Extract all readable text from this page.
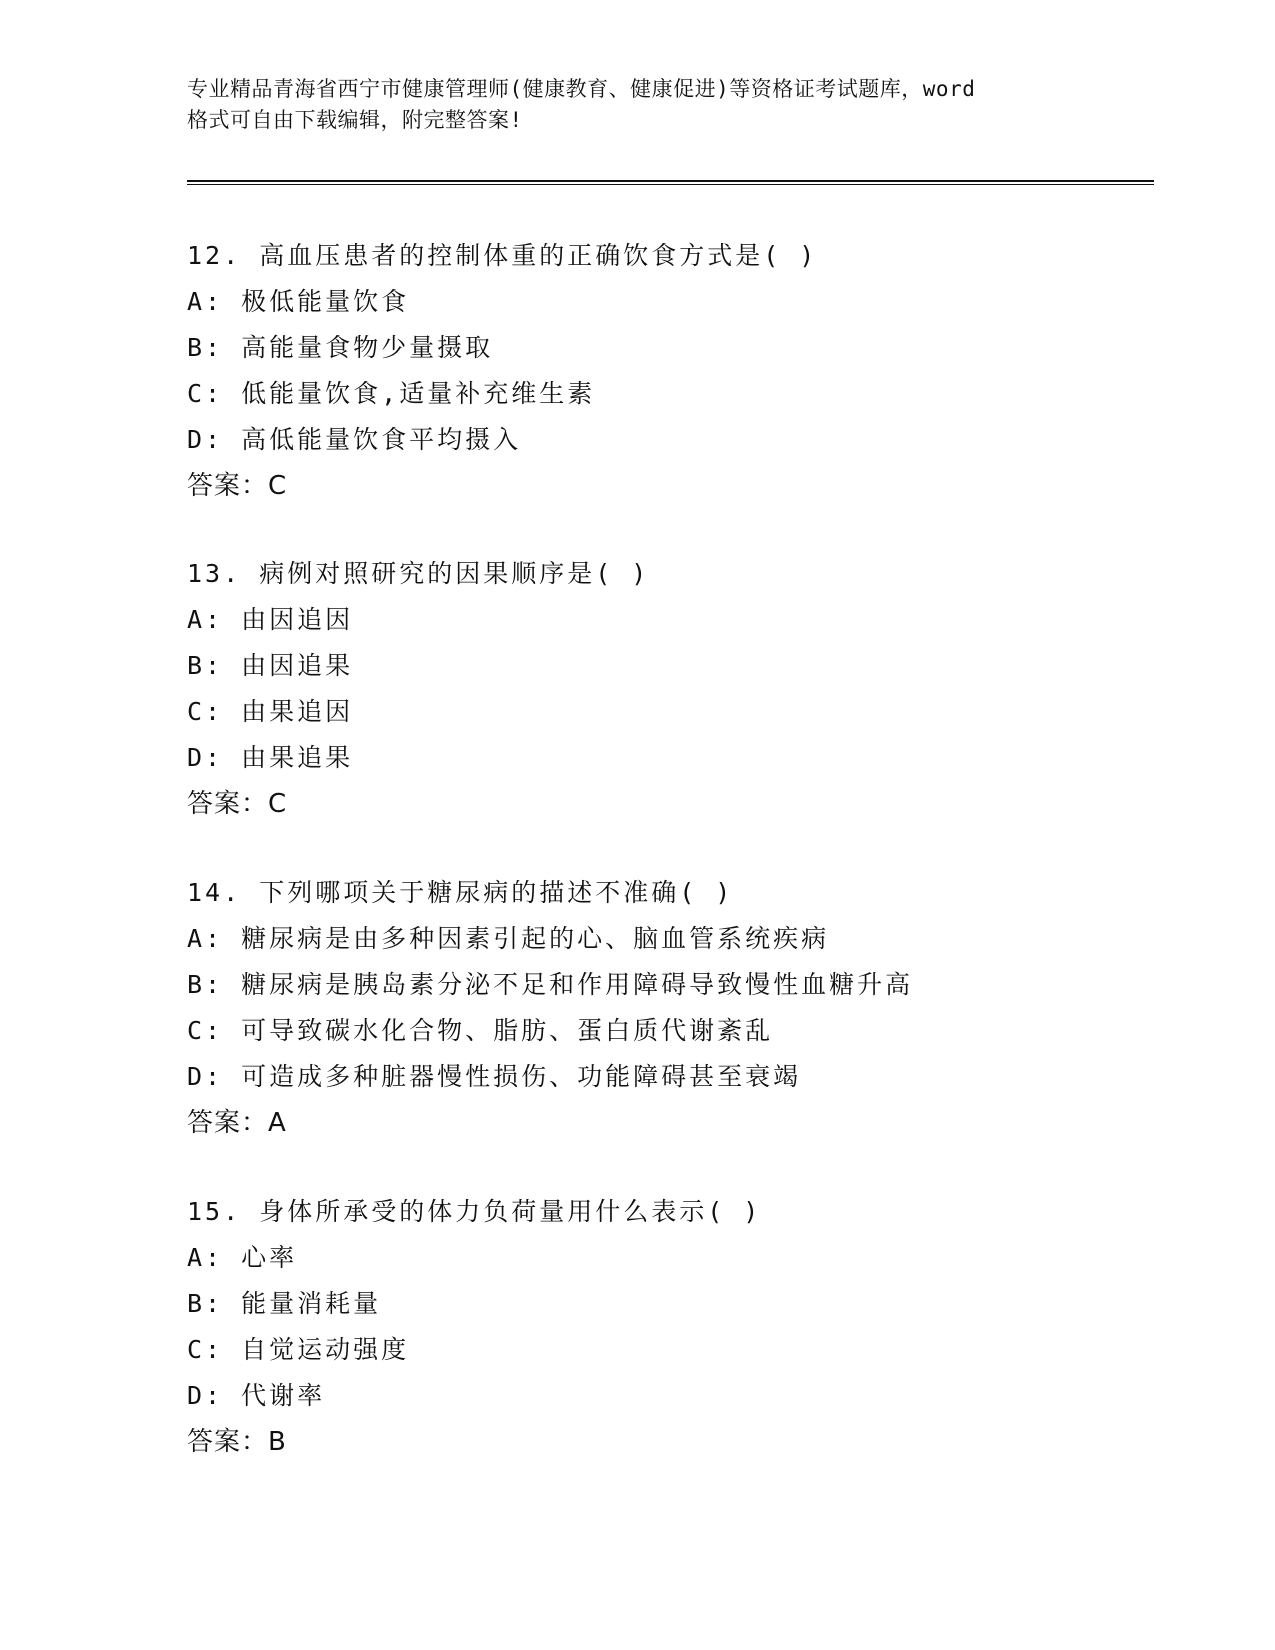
专业精品青海省西宁市健康管理师(健康教育、健康促进)等资格证考试题库，word

格式可自由下载编辑，附完整答案!

12. 高血压患者的控制体重的正确饮食方式是( )
A: 极低能量饮食
B: 高能量食物少量摄取
C: 低能量饮食,适量补充维生素
D: 高低能量饮食平均摄入
答案：C
13. 病例对照研究的因果顺序是( )
A: 由因追因
B: 由因追果
C: 由果追因
D: 由果追果
答案：C
14. 下列哪项关于糖尿病的描述不准确( )
A: 糖尿病是由多种因素引起的心、脑血管系统疾病
B: 糖尿病是胰岛素分泌不足和作用障碍导致慢性血糖升高
C: 可导致碳水化合物、脂肪、蛋白质代谢紊乱
D: 可造成多种脏器慢性损伤、功能障碍甚至衰竭
答案：A
15. 身体所承受的体力负荷量用什么表示( )
A: 心率
B: 能量消耗量
C: 自觉运动强度
D: 代谢率
答案：B
